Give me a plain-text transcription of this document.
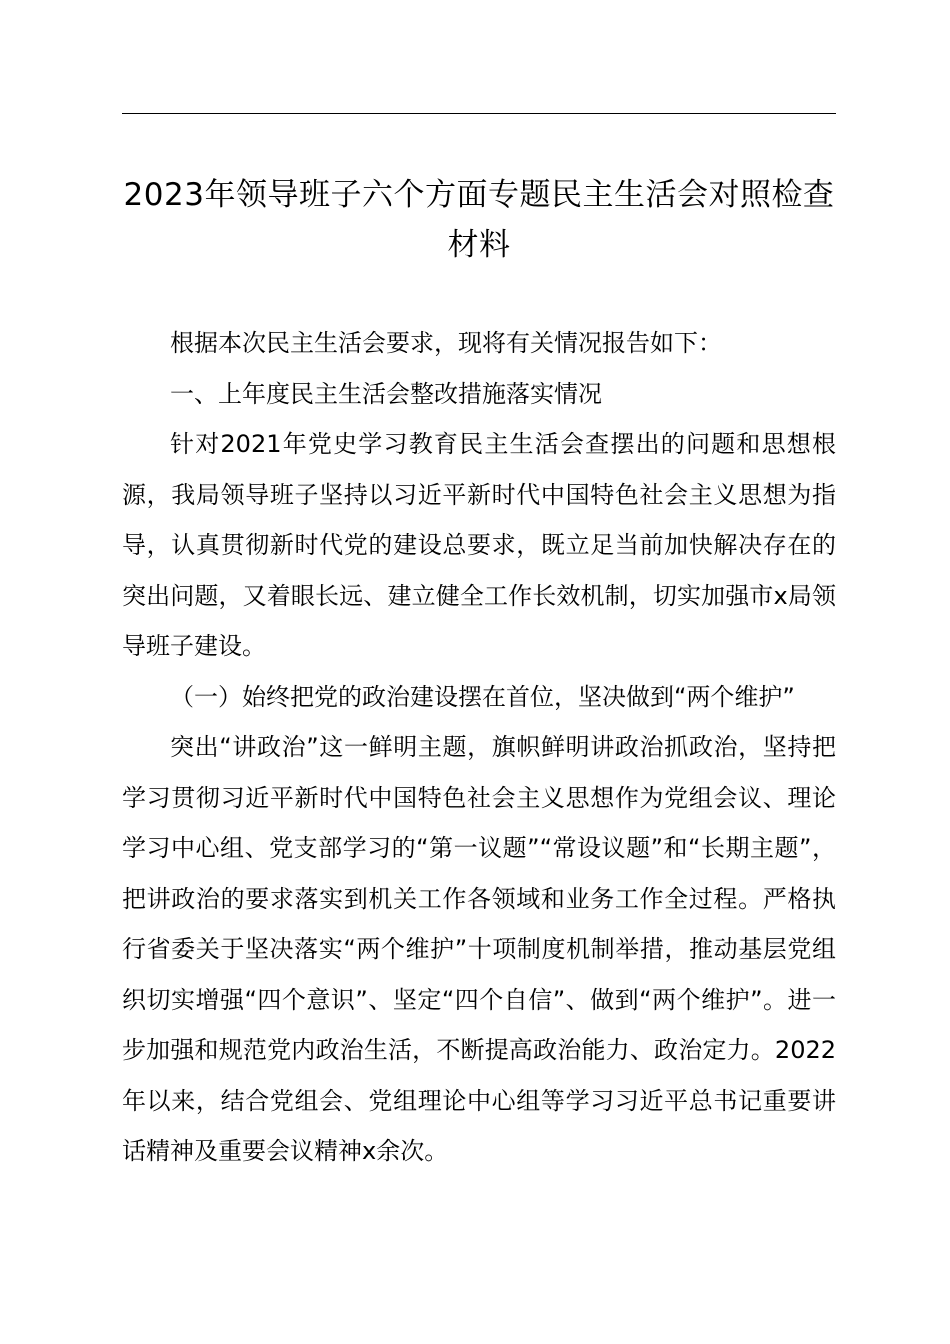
2023年领导班子六个方面专题民主生活会对照检查材料

根据本次民主生活会要求，现将有关情况报告如下：

一、上年度民主生活会整改措施落实情况

针对2021年党史学习教育民主生活会查摆出的问题和思想根源，我局领导班子坚持以习近平新时代中国特色社会主义思想为指导，认真贯彻新时代党的建设总要求，既立足当前加快解决存在的突出问题，又着眼长远、建立健全工作长效机制，切实加强市x局领导班子建设。

（一）始终把党的政治建设摆在首位，坚决做到“两个维护”

突出“讲政治”这一鲜明主题，旗帜鲜明讲政治抓政治，坚持把学习贯彻习近平新时代中国特色社会主义思想作为党组会议、理论学习中心组、党支部学习的“第一议题”“常设议题”和“长期主题”，把讲政治的要求落实到机关工作各领域和业务工作全过程。严格执行省委关于坚决落实“两个维护”十项制度机制举措，推动基层党组织切实增强“四个意识”、坚定“四个自信”、做到“两个维护”。进一步加强和规范党内政治生活，不断提高政治能力、政治定力。2022年以来，结合党组会、党组理论中心组等学习习近平总书记重要讲话精神及重要会议精神x余次。
